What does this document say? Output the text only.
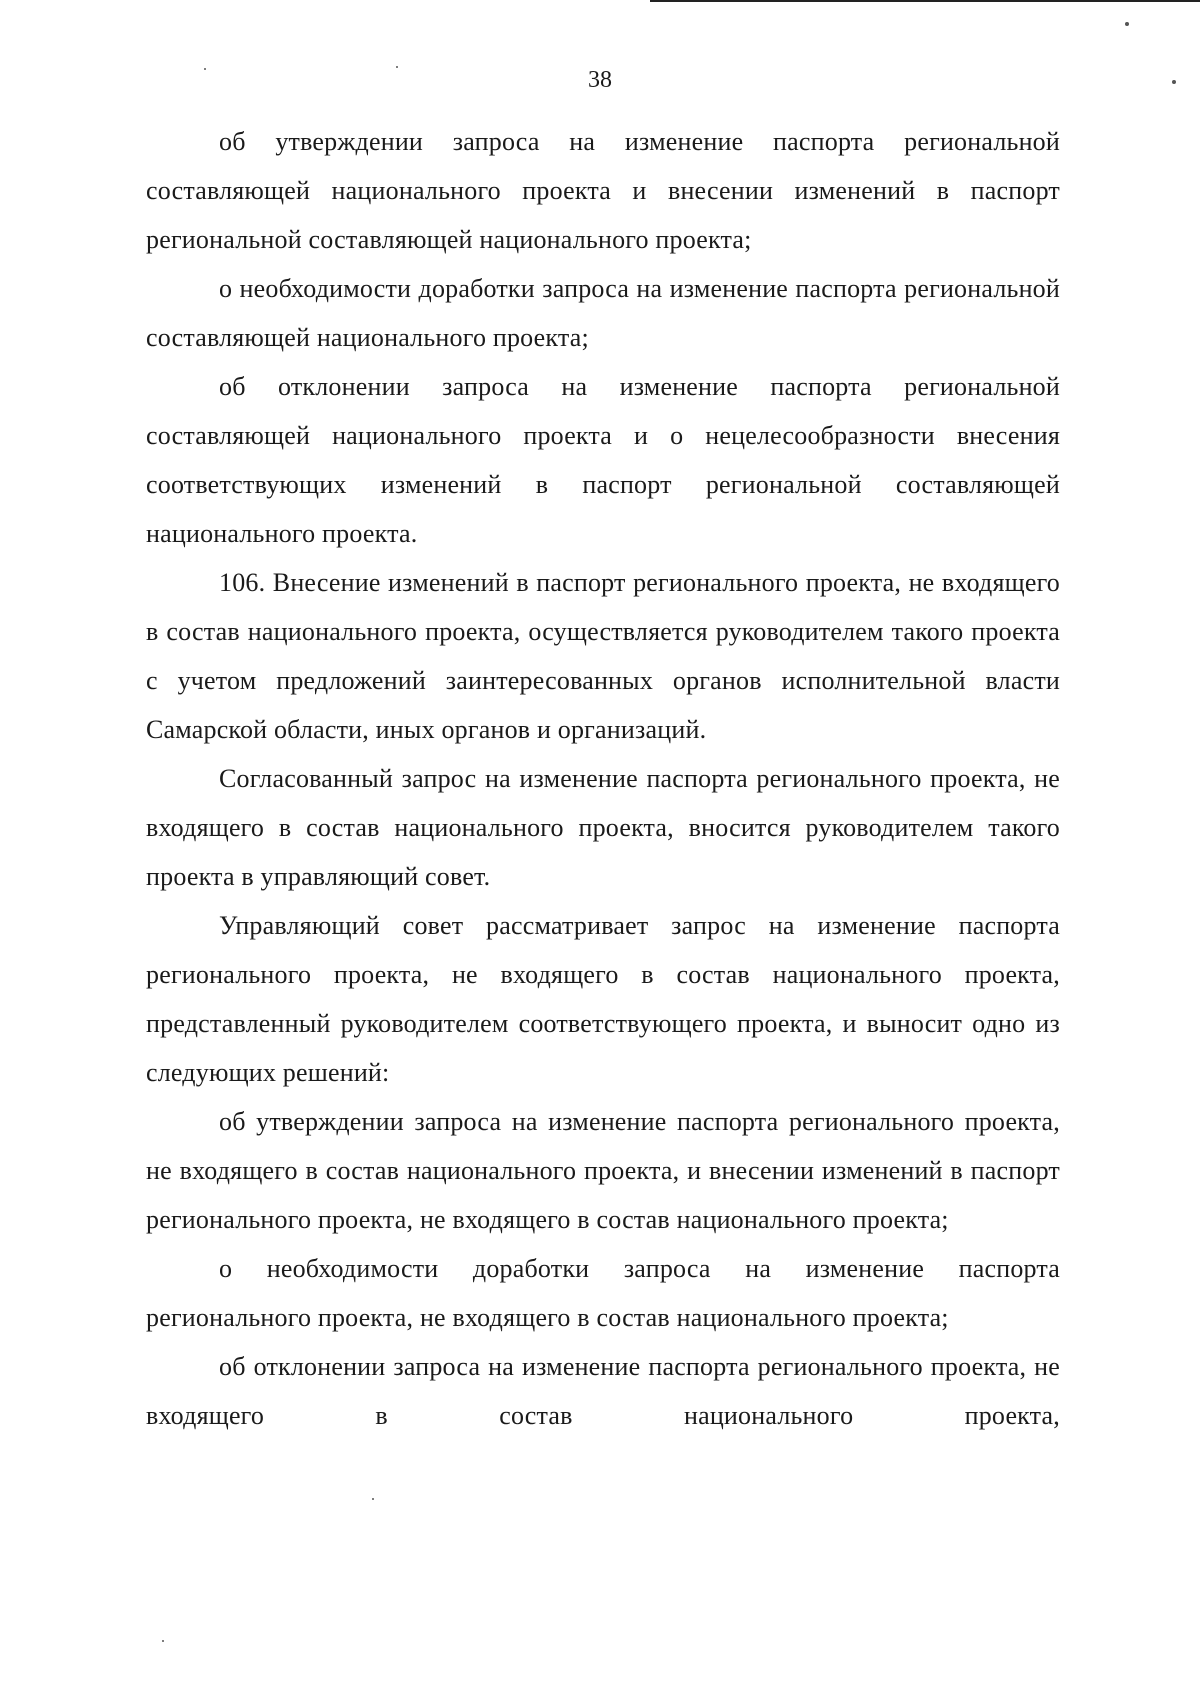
38

об утверждении запроса на изменение паспорта региональной составляющей национального проекта и внесении изменений в паспорт региональной составляющей национального проекта;

о необходимости доработки запроса на изменение паспорта региональной составляющей национального проекта;

об отклонении запроса на изменение паспорта региональной составляющей национального проекта и о нецелесообразности внесения соответствующих изменений в паспорт региональной составляющей национального проекта.

106. Внесение изменений в паспорт регионального проекта, не входящего в состав национального проекта, осуществляется руководителем такого проекта с учетом предложений заинтересованных органов исполнительной власти Самарской области, иных органов и организаций.

Согласованный запрос на изменение паспорта регионального проекта, не входящего в состав национального проекта, вносится руководителем такого проекта в управляющий совет.

Управляющий совет рассматривает запрос на изменение паспорта регионального проекта, не входящего в состав национального проекта, представленный руководителем соответствующего проекта, и выносит одно из следующих решений:

об утверждении запроса на изменение паспорта регионального проекта, не входящего в состав национального проекта, и внесении изменений в паспорт регионального проекта, не входящего в состав национального проекта;

о необходимости доработки запроса на изменение паспорта регионального проекта, не входящего в состав национального проекта;

об отклонении запроса на изменение паспорта регионального проекта, не входящего в состав национального проекта,
